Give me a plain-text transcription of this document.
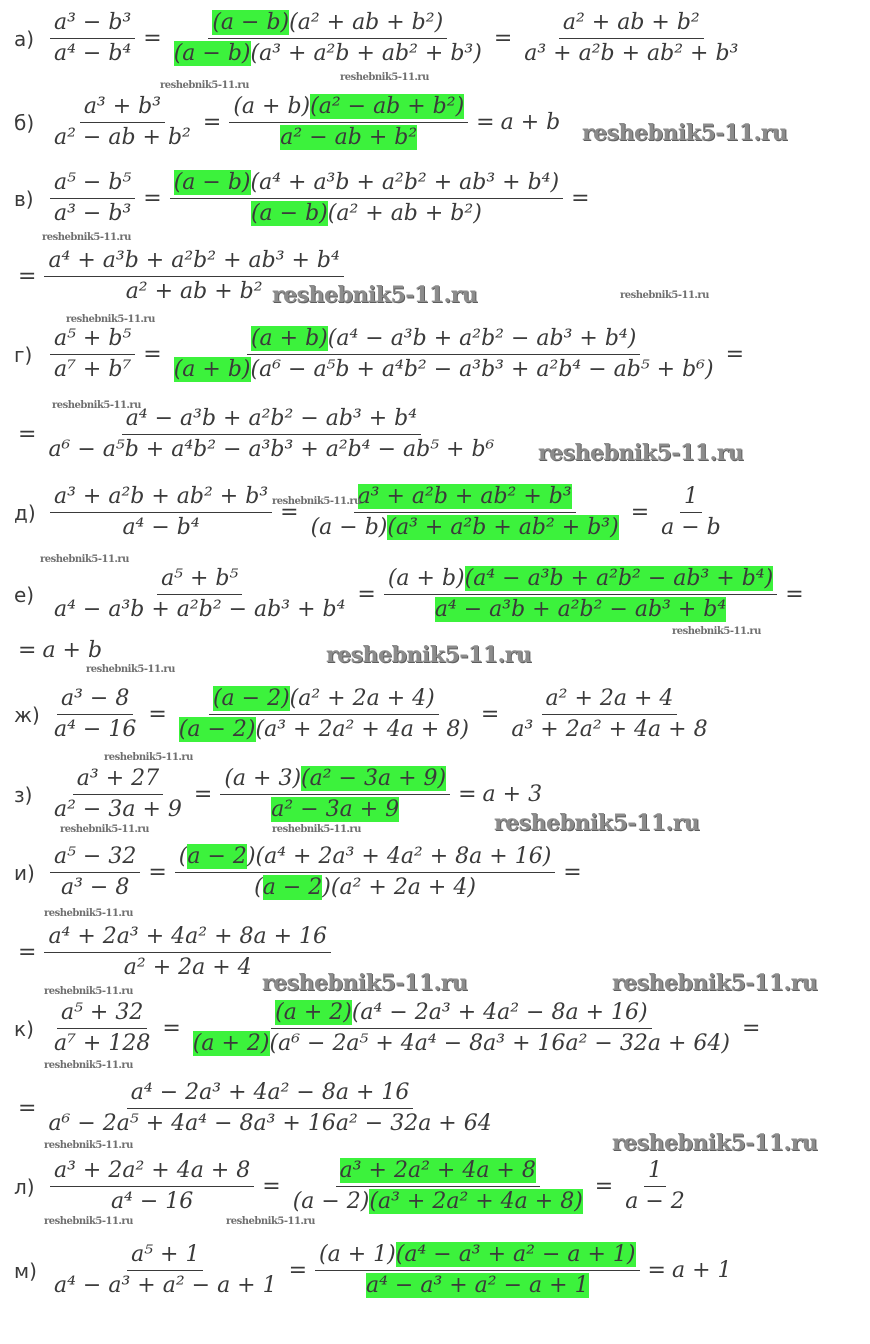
$а) \frac{\text{a³ − b³}}{\text{a⁴ − b⁴}} = \frac{\text{(a − b)(a² + ab + b²)}}{\text{(a − b)(a³ + a²b + ab² + b³)}} = \frac{\text{a² + ab + b²}}{\text{a³ + a²b + ab² + b³}}$
$б) \frac{\text{a³ + b³}}{\text{a² − ab + b²}} = \frac{\text{(a + b)(a² − ab + b²)}}{\text{a² − ab + b²}} = a + b$
$в) \frac{\text{a⁵ − b⁵}}{\text{a³ − b³}} = \frac{\text{(a − b)(a⁴ + a³b + a²b² + ab³ + b⁴)}}{\text{(a − b)(a² + ab + b²)}}$ =
= $\frac{\text{a⁴ + a³b + a²b² + ab³ + b⁴}}{\text{a² + ab + b²}}$
$г) \frac{\text{a⁵ + b⁵}}{\text{a⁷ + b⁷}} = \frac{\text{(a + b)(a⁴ − a³b + a²b² − ab³ + b⁴)}}{\text{(a + b)(a⁶ − a⁵b + a⁴b² − a³b³ + a²b⁴ − ab⁵ + b⁶)}}$ =
= $\frac{\text{a⁴ − a³b + a²b² − ab³ + b⁴}}{\text{a⁶ − a⁵b + a⁴b² − a³b³ + a²b⁴ − ab⁵ + b⁶}}$
$д) \frac{\text{a³ + a²b + ab² + b³}}{\text{a⁴ − b⁴}} = \frac{\text{a³ + a²b + ab² + b³}}{\text{(a − b)(a³ + a²b + ab² + b³)}} = \frac{1}{a - b}$
$е) \frac{\text{a⁵ + b⁵}}{\text{a⁴ − a³b + a²b² − ab³ + b⁴}} = \frac{\text{(a + b)(a⁴ − a³b + a²b² − ab³ + b⁴)}}{\text{a⁴ − a³b + a²b² − ab³ + b⁴}}$ =
= a + b
$ж) \frac{\text{a³ − 8}}{\text{a⁴ − 16}} = \frac{\text{(a − 2)(a² + 2a + 4)}}{\text{(a − 2)(a³ + 2a² + 4a + 8)}} = \frac{\text{a² + 2a + 4}}{\text{a³ + 2a² + 4a + 8}}$
$з) \frac{\text{a³ + 27}}{\text{a² − 3a + 9}} = \frac{\text{(a + 3)(a² − 3a + 9)}}{\text{a² − 3a + 9}} = a + 3$
$и) \frac{\text{a⁵ − 32}}{\text{a³ − 8}} = \frac{\text{(a − 2)(a⁴ + 2a³ + 4a² + 8a + 16)}}{\text{(a − 2)(a² + 2a + 4)}}$ =
= $\frac{\text{a⁴ + 2a³ + 4a² + 8a + 16}}{\text{a² + 2a + 4}}$
$к) \frac{\text{a⁵ + 32}}{\text{a⁷ + 128}} = \frac{\text{(a + 2)(a⁴ − 2a³ + 4a² − 8a + 16)}}{\text{(a + 2)(a⁶ − 2a⁵ + 4a⁴ − 8a³ + 16a² − 32a + 64)}}$ =
= $\frac{\text{a⁴ − 2a³ + 4a² − 8a + 16}}{\text{a⁶ − 2a⁵ + 4a⁴ − 8a³ + 16a² − 32a + 64}}$
$л) \frac{\text{a³ + 2a² + 4a + 8}}{\text{a⁴ − 16}} = \frac{\text{a³ + 2a² + 4a + 8}}{\text{(a − 2)(a³ + 2a² + 4a + 8)}} = \frac{1}{a - 2}$
$м) \frac{\text{a⁵ + 1}}{\text{a⁴ − a³ + a² − a + 1}} = \frac{\text{(a + 1)(a⁴ − a³ + a² − a + 1)}}{\text{a⁴ − a³ + a² − a + 1}} = a + 1$
reshebnik5-11.ru
reshebnik5-11.ru
reshebnik5-11.ru
reshebnik5-11.ru
reshebnik5-11.ru	reshebnik5-11.ru
reshebnik5-11.ru
reshebnik5-11.ru
reshebnik5-11.ru
reshebnik5-11.ru
reshebnik5-11.ru
reshebnik5-11.ru
reshebnik5-11.ru
reshebnik5-11.ru
reshebnik5-11.ru
reshebnik5-11.ru
reshebnik5-11.ru	reshebnik5-11.ru
reshebnik5-11.ru
reshebnik5-11.ru	reshebnik5-11.ru
reshebnik5-11.ru
reshebnik5-11.ru
reshebnik5-11.ru
reshebnik5-11.ru
reshebnik5-11.ru	reshebnik5-11.ru
